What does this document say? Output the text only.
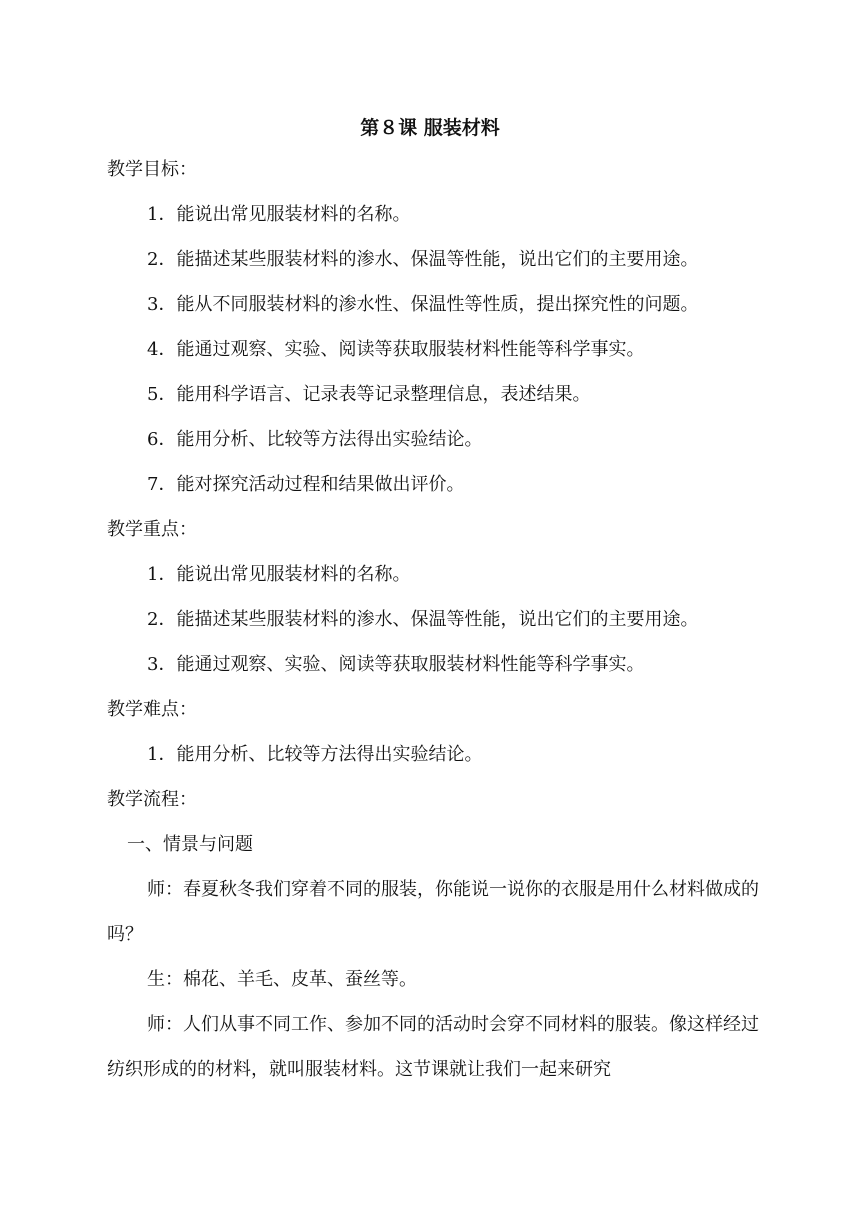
第８课 服装材料

教学目标：

1．能说出常见服装材料的名称。

2．能描述某些服装材料的渗水、保温等性能，说出它们的主要用途。

3．能从不同服装材料的渗水性、保温性等性质，提出探究性的问题。

4．能通过观察、实验、阅读等获取服装材料性能等科学事实。

5．能用科学语言、记录表等记录整理信息，表述结果。

6．能用分析、比较等方法得出实验结论。

7．能对探究活动过程和结果做出评价。

教学重点：

1．能说出常见服装材料的名称。

2．能描述某些服装材料的渗水、保温等性能，说出它们的主要用途。

3．能通过观察、实验、阅读等获取服装材料性能等科学事实。

教学难点：

1．能用分析、比较等方法得出实验结论。

教学流程：

一、情景与问题

师：春夏秋冬我们穿着不同的服装，你能说一说你的衣服是用什么材料做成的吗？

生：棉花、羊毛、皮革、蚕丝等。

师：人们从事不同工作、参加不同的活动时会穿不同材料的服装。像这样经过纺织形成的的材料，就叫服装材料。这节课就让我们一起来研究
